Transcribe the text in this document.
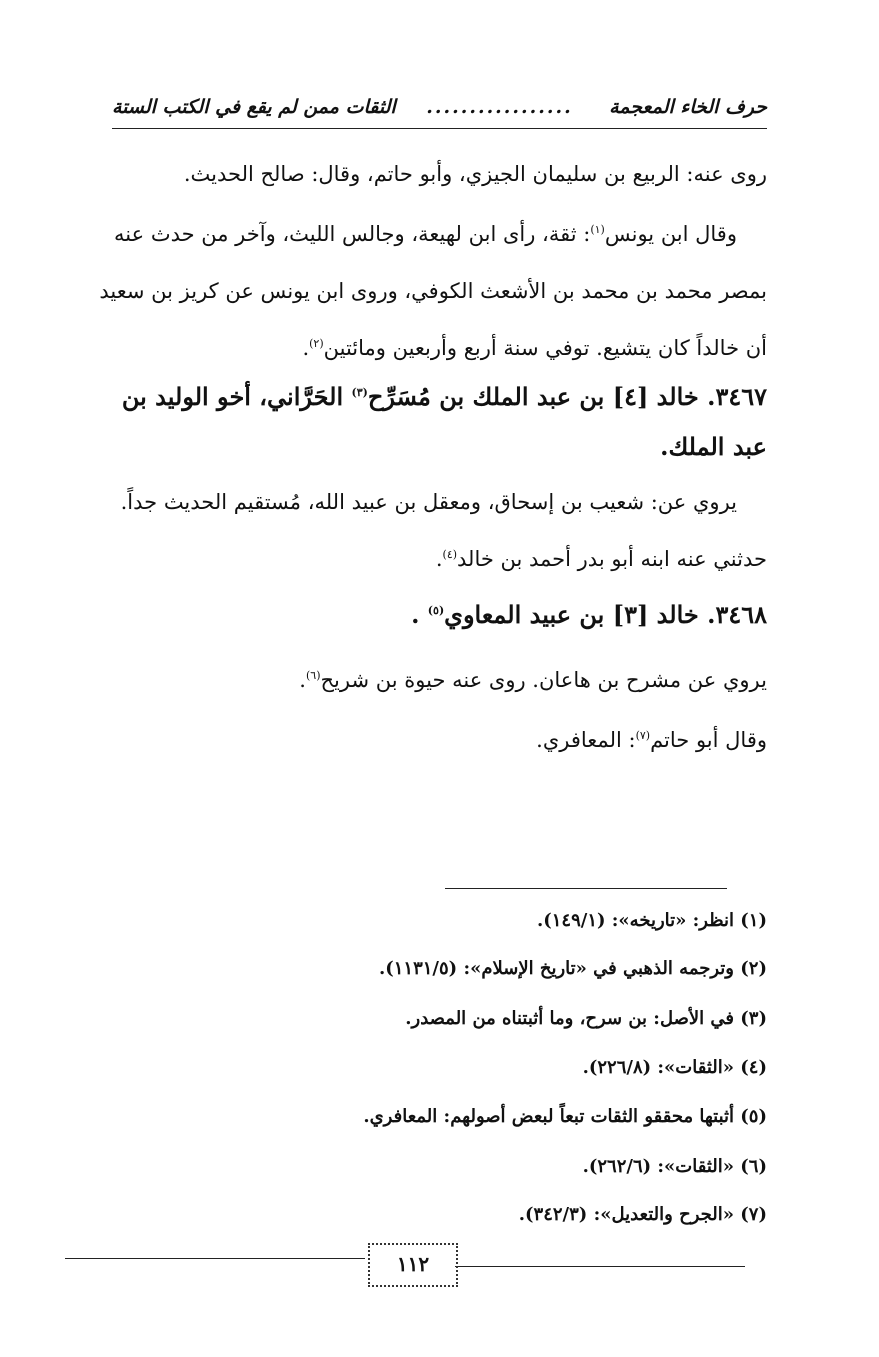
حرف الخاء المعجمة
.................
الثقات ممن لم يقع في الكتب الستة
روى عنه: الربيع بن سليمان الجيزي، وأبو حاتم، وقال: صالح الحديث.
وقال ابن يونس$^{(١)}$: ثقة، رأى ابن لهيعة، وجالس الليث، وآخر من حدث عنه بمصر محمد بن محمد بن الأشعث الكوفي، وروى ابن يونس عن كريز بن سعيد أن خالداً كان يتشيع. توفي سنة أربع وأربعين ومائتين$^{(٢)}$.
٣٤٦٧. خالد [٤] بن عبد الملك بن مُسَرِّح$^{(٣)}$ الحَرَّاني، أخو الوليد بن عبد الملك.
يروي عن: شعيب بن إسحاق، ومعقل بن عبيد الله، مُستقيم الحديث جداً. حدثني عنه ابنه أبو بدر أحمد بن خالد$^{(٤)}$.
٣٤٦٨. خالد [٣] بن عبيد المعاوي$^{(٥)}$ .
يروي عن مشرح بن هاعان. روى عنه حيوة بن شريح$^{(٦)}$.
وقال أبو حاتم$^{(٧)}$: المعافري.
(١) انظر: «تاريخه»: (١٤٩/١).
(٢) وترجمه الذهبي في «تاريخ الإسلام»: (١١٣١/٥).
(٣) في الأصل: بن سرح، وما أثبتناه من المصدر.
(٤) «الثقات»: (٢٢٦/٨).
(٥) أثبتها محققو الثقات تبعاً لبعض أصولهم: المعافري.
(٦) «الثقات»: (٢٦٢/٦).
(٧) «الجرح والتعديل»: (٣٤٢/٣).
١١٢
